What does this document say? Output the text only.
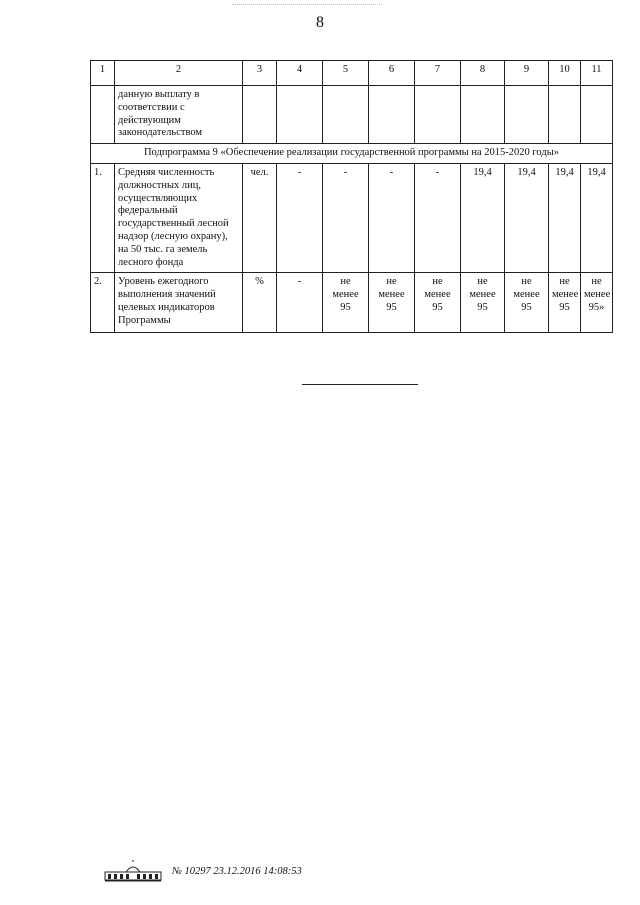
8
1	2	3	4	5	6	7	8	9	10	11
	данную выплату в соответствии с действующим законодательством									
Подпрограмма 9 «Обеспечение реализации государственной программы на 2015-2020 годы»										
1.	Средняя численность должностных лиц, осуществляющих федеральный государственный лесной надзор (лесную охрану), на 50 тыс. га земель лесного фонда	чел.	-	-	-	-	19,4	19,4	19,4	19,4
2.	Уровень ежегодного выполнения значений целевых индикаторов Программы	%	-	не менее 95	не менее 95	не менее 95	не менее 95	не менее 95	не менее 95	не менее 95»
№ 10297 23.12.2016 14:08:53
